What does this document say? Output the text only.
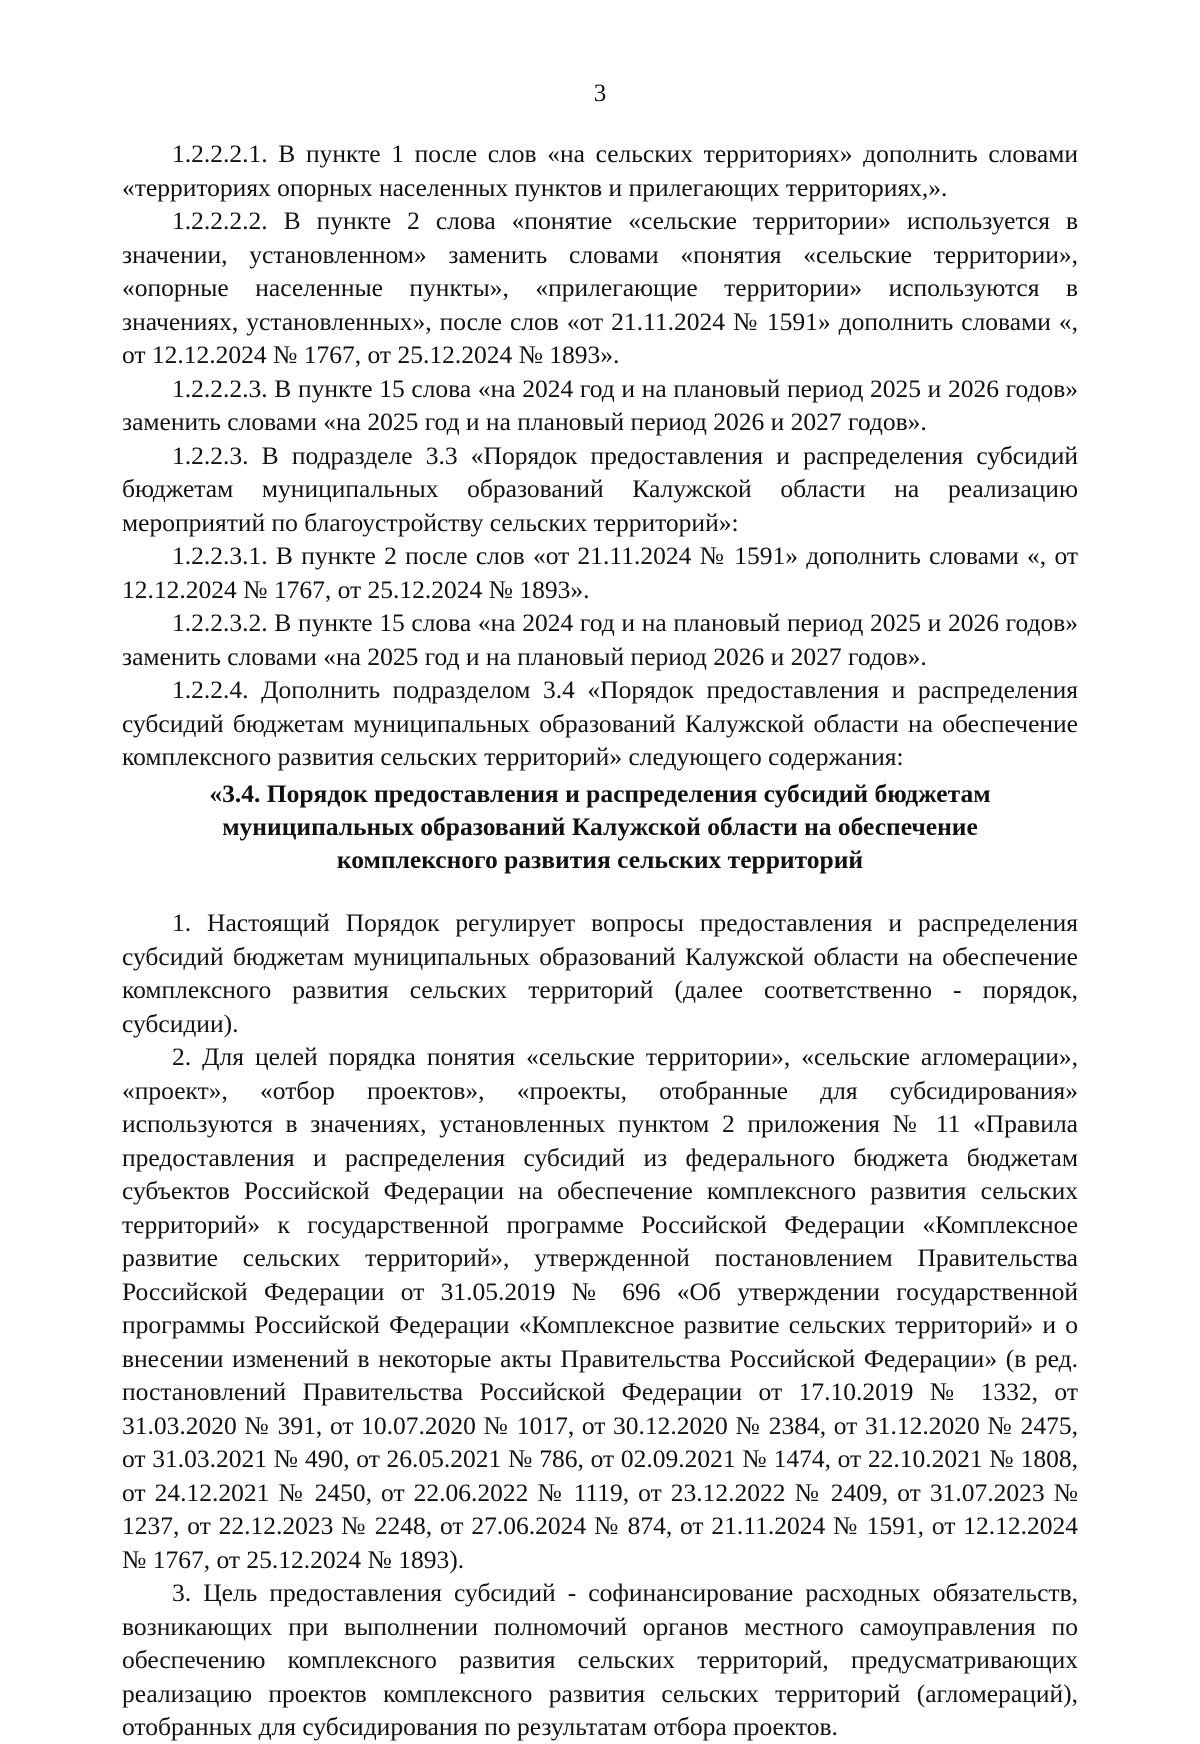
3

1.2.2.2.1. В пункте 1 после слов «на сельских территориях» дополнить словами «территориях опорных населенных пунктов и прилегающих территориях,».

1.2.2.2.2. В пункте 2 слова «понятие «сельские территории» используется в значении, установленном» заменить словами «понятия «сельские территории», «опорные населенные пункты», «прилегающие территории» используются в значениях, установленных», после слов «от 21.11.2024 № 1591» дополнить словами «, от 12.12.2024 № 1767, от 25.12.2024 № 1893».

1.2.2.2.3. В пункте 15 слова «на 2024 год и на плановый период 2025 и 2026 годов» заменить словами «на 2025 год и на плановый период 2026 и 2027 годов».

1.2.2.3. В подразделе 3.3 «Порядок предоставления и распределения субсидий бюджетам муниципальных образований Калужской области на реализацию мероприятий по благоустройству сельских территорий»:

1.2.2.3.1. В пункте 2 после слов «от 21.11.2024 № 1591» дополнить словами «, от 12.12.2024 № 1767, от 25.12.2024 № 1893».

1.2.2.3.2. В пункте 15 слова «на 2024 год и на плановый период 2025 и 2026 годов» заменить словами «на 2025 год и на плановый период 2026 и 2027 годов».

1.2.2.4. Дополнить подразделом 3.4 «Порядок предоставления и распределения субсидий бюджетам муниципальных образований Калужской области на обеспечение комплексного развития сельских территорий» следующего содержания:

«3.4. Порядок предоставления и распределения субсидий бюджетам
муниципальных образований Калужской области на обеспечение
комплексного развития сельских территорий

1. Настоящий Порядок регулирует вопросы предоставления и распределения субсидий бюджетам муниципальных образований Калужской области на обеспечение комплексного развития сельских территорий (далее соответственно - порядок, субсидии).

2. Для целей порядка понятия «сельские территории», «сельские агломерации», «проект», «отбор проектов», «проекты, отобранные для субсидирования» используются в значениях, установленных пунктом 2 приложения № 11 «Правила предоставления и распределения субсидий из федерального бюджета бюджетам субъектов Российской Федерации на обеспечение комплексного развития сельских территорий» к государственной программе Российской Федерации «Комплексное развитие сельских территорий», утвержденной постановлением Правительства Российской Федерации от 31.05.2019 № 696 «Об утверждении государственной программы Российской Федерации «Комплексное развитие сельских территорий» и о внесении изменений в некоторые акты Правительства Российской Федерации» (в ред. постановлений Правительства Российской Федерации от 17.10.2019 № 1332, от 31.03.2020 № 391, от 10.07.2020 № 1017, от 30.12.2020 № 2384, от 31.12.2020 № 2475, от 31.03.2021 № 490, от 26.05.2021 № 786, от 02.09.2021 № 1474, от 22.10.2021 № 1808, от 24.12.2021 № 2450, от 22.06.2022 № 1119, от 23.12.2022 № 2409, от 31.07.2023 № 1237, от 22.12.2023 № 2248, от 27.06.2024 № 874, от 21.11.2024 № 1591, от 12.12.2024 № 1767, от 25.12.2024 № 1893).

3. Цель предоставления субсидий - софинансирование расходных обязательств, возникающих при выполнении полномочий органов местного самоуправления по обеспечению комплексного развития сельских территорий, предусматривающих реализацию проектов комплексного развития сельских территорий (агломераций), отобранных для субсидирования по результатам отбора проектов.
